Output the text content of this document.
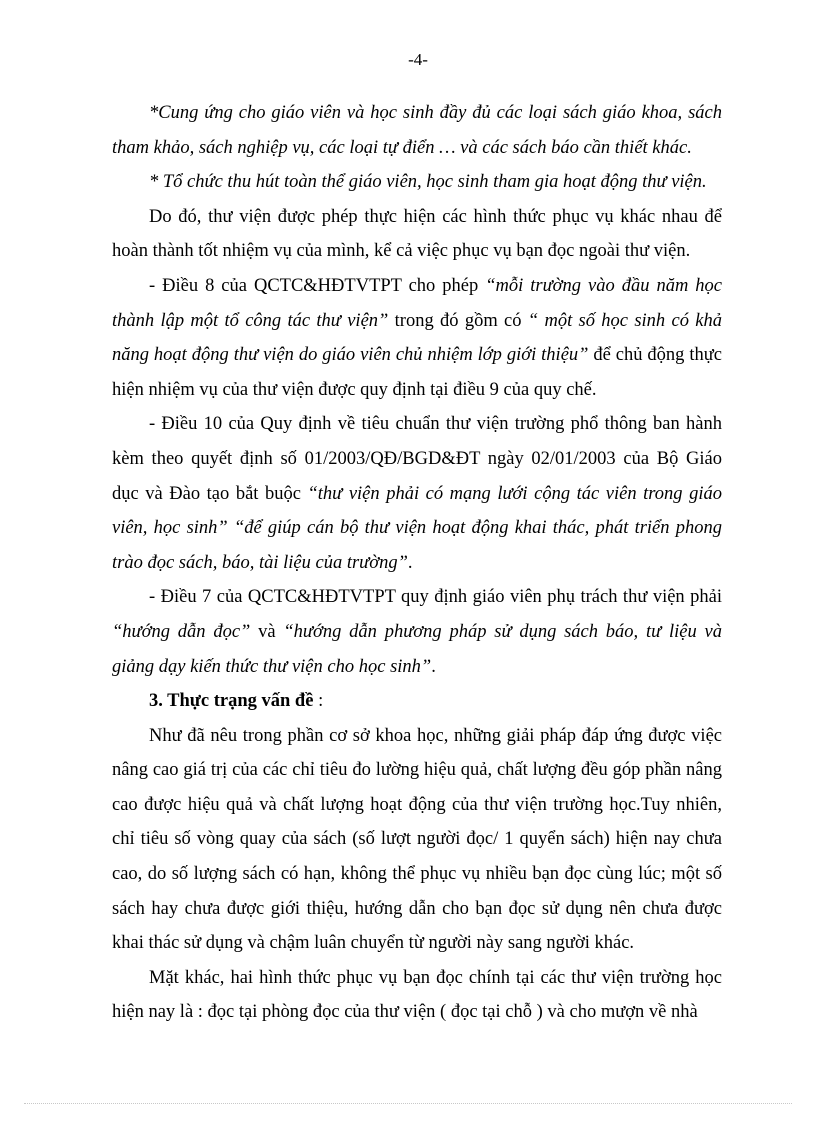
-4-

*Cung ứng cho giáo viên và học sinh đầy đủ các loại sách giáo khoa, sách tham khảo, sách nghiệp vụ, các loại tự điển … và các sách báo cần thiết khác.

* Tổ chức thu hút toàn thể giáo viên, học sinh tham gia hoạt động thư viện.

Do đó, thư viện được phép thực hiện các hình thức phục vụ khác nhau để hoàn thành tốt nhiệm vụ của mình, kể cả việc phục vụ bạn đọc ngoài thư viện.

- Điều 8 của QCTC&HĐTVTPT cho phép “mỗi trường vào đầu năm học thành lập một tổ công tác thư viện” trong đó gồm có “ một số học sinh có khả năng hoạt động thư viện do giáo viên chủ nhiệm lớp giới thiệu” để chủ động thực hiện nhiệm vụ của thư viện được quy định tại điều 9 của quy chế.

- Điều 10 của Quy định về tiêu chuẩn thư viện trường phổ thông ban hành kèm theo quyết định số 01/2003/QĐ/BGD&ĐT ngày 02/01/2003 của Bộ Giáo dục và Đào tạo bắt buộc “thư viện phải có mạng lưới cộng tác viên trong giáo viên, học sinh” “để giúp cán bộ thư viện hoạt động khai thác, phát triển phong trào đọc sách, báo, tài liệu của trường”.

- Điều 7 của QCTC&HĐTVTPT quy định giáo viên phụ trách thư viện phải “hướng dẫn đọc” và “hướng dẫn phương pháp sử dụng sách báo, tư liệu và giảng dạy kiến thức thư viện cho học sinh”.

3. Thực trạng vấn đề :

Như đã nêu trong phần cơ sở khoa học, những giải pháp đáp ứng được việc nâng cao giá trị của các chỉ tiêu đo lường hiệu quả, chất lượng đều góp phần nâng cao được hiệu quả và chất lượng hoạt động của thư viện trường học.Tuy nhiên, chỉ tiêu số vòng quay của sách (số lượt người đọc/ 1 quyển sách) hiện nay chưa cao, do số lượng sách có hạn, không thể phục vụ nhiều bạn đọc cùng lúc; một số sách hay chưa được giới thiệu, hướng dẫn cho bạn đọc sử dụng nên chưa được khai thác sử dụng và chậm luân chuyển từ người này sang người khác.

Mặt khác, hai hình thức phục vụ bạn đọc chính tại các thư viện trường học hiện nay là : đọc tại phòng đọc của thư viện ( đọc tại chỗ ) và cho mượn về nhà
